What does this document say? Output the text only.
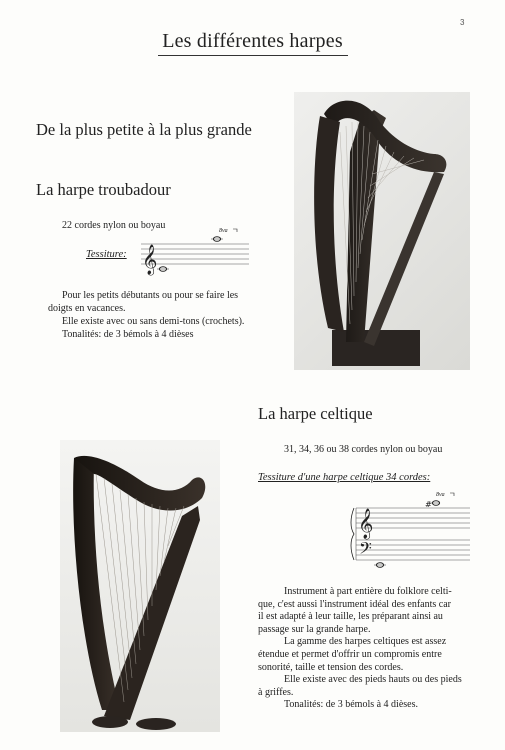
3
Les différentes harpes
De la plus petite à la plus grande
La harpe troubadour
22 cordes nylon ou boyau
Tessiture: 𝄞
8va
Pour les petits débutants ou pour se faire les
doigts en vacances.
Elle existe avec ou sans demi-tons (crochets).
Tonalités: de 3 bémols à 4 dièses
La harpe celtique
31, 34, 36 ou 38 cordes nylon ou boyau
Tessiture d'une harpe celtique 34 cordes:
𝄞
𝄢
#
8va
Instrument à part entière du folklore celti-
que, c'est aussi l'instrument idéal des enfants car
il est adapté à leur taille, les préparant ainsi au
passage sur la grande harpe.
La gamme des harpes celtiques est assez
étendue et permet d'offrir un compromis entre
sonorité, taille et tension des cordes.
Elle existe avec des pieds hauts ou des pieds
à griffes.
Tonalités: de 3 bémols à 4 dièses.
